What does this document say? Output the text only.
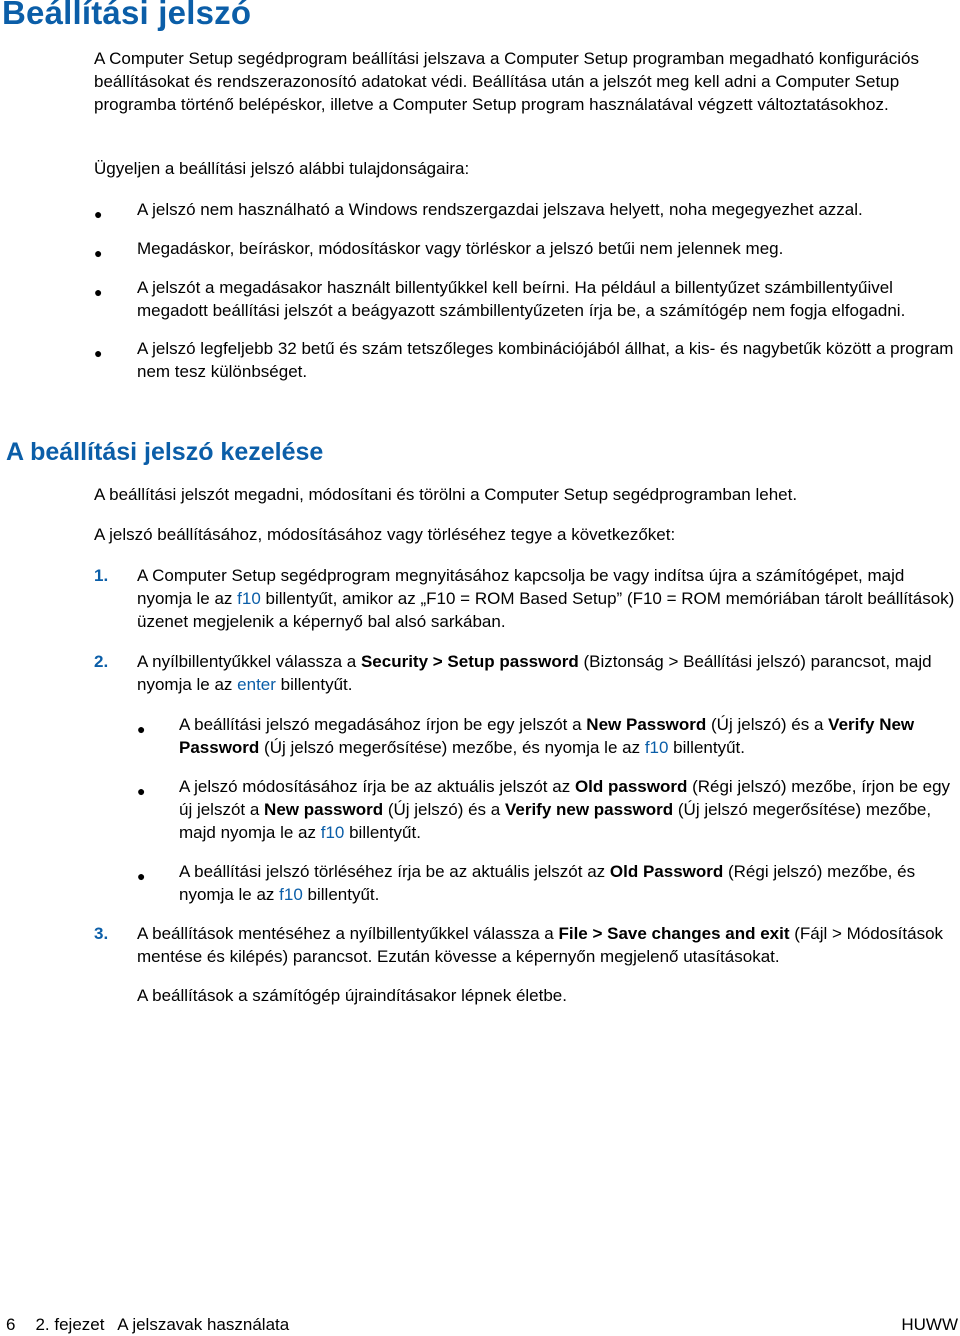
Beállítási jelszó

A Computer Setup segédprogram beállítási jelszava a Computer Setup programban megadható konfigurációs beállításokat és rendszerazonosító adatokat védi. Beállítása után a jelszót meg kell adni a Computer Setup programba történő belépéskor, illetve a Computer Setup program használatával végzett változtatásokhoz.

Ügyeljen a beállítási jelszó alábbi tulajdonságaira:

● A jelszó nem használható a Windows rendszergazdai jelszava helyett, noha megegyezhet azzal.
● Megadáskor, beíráskor, módosításkor vagy törléskor a jelszó betűi nem jelennek meg.
● A jelszót a megadásakor használt billentyűkkel kell beírni. Ha például a billentyűzet számbillentyűivel megadott beállítási jelszót a beágyazott számbillentyűzeten írja be, a számítógép nem fogja elfogadni.
● A jelszó legfeljebb 32 betű és szám tetszőleges kombinációjából állhat, a kis- és nagybetűk között a program nem tesz különbséget.
A beállítási jelszó kezelése

A beállítási jelszót megadni, módosítani és törölni a Computer Setup segédprogramban lehet.

A jelszó beállításához, módosításához vagy törléséhez tegye a következőket:

1. A Computer Setup segédprogram megnyitásához kapcsolja be vagy indítsa újra a számítógépet, majd nyomja le az f10 billentyűt, amikor az „F10 = ROM Based Setup” (F10 = ROM memóriában tárolt beállítások) üzenet megjelenik a képernyő bal alsó sarkában.
2. A nyílbillentyűkkel válassza a Security > Setup password (Biztonság > Beállítási jelszó) parancsot, majd nyomja le az enter billentyűt.
● A beállítási jelszó megadásához írjon be egy jelszót a New Password (Új jelszó) és a Verify New Password (Új jelszó megerősítése) mezőbe, és nyomja le az f10 billentyűt.
● A jelszó módosításához írja be az aktuális jelszót az Old password (Régi jelszó) mezőbe, írjon be egy új jelszót a New password (Új jelszó) és a Verify new password (Új jelszó megerősítése) mezőbe, majd nyomja le az f10 billentyűt.
● A beállítási jelszó törléséhez írja be az aktuális jelszót az Old Password (Régi jelszó) mezőbe, és nyomja le az f10 billentyűt.
3. A beállítások mentéséhez a nyílbillentyűkkel válassza a File > Save changes and exit (Fájl > Módosítások mentése és kilépés) parancsot. Ezután kövesse a képernyőn megjelenő utasításokat.
A beállítások a számítógép újraindításakor lépnek életbe.
6 2. fejezet A jelszavak használata	HUWW
